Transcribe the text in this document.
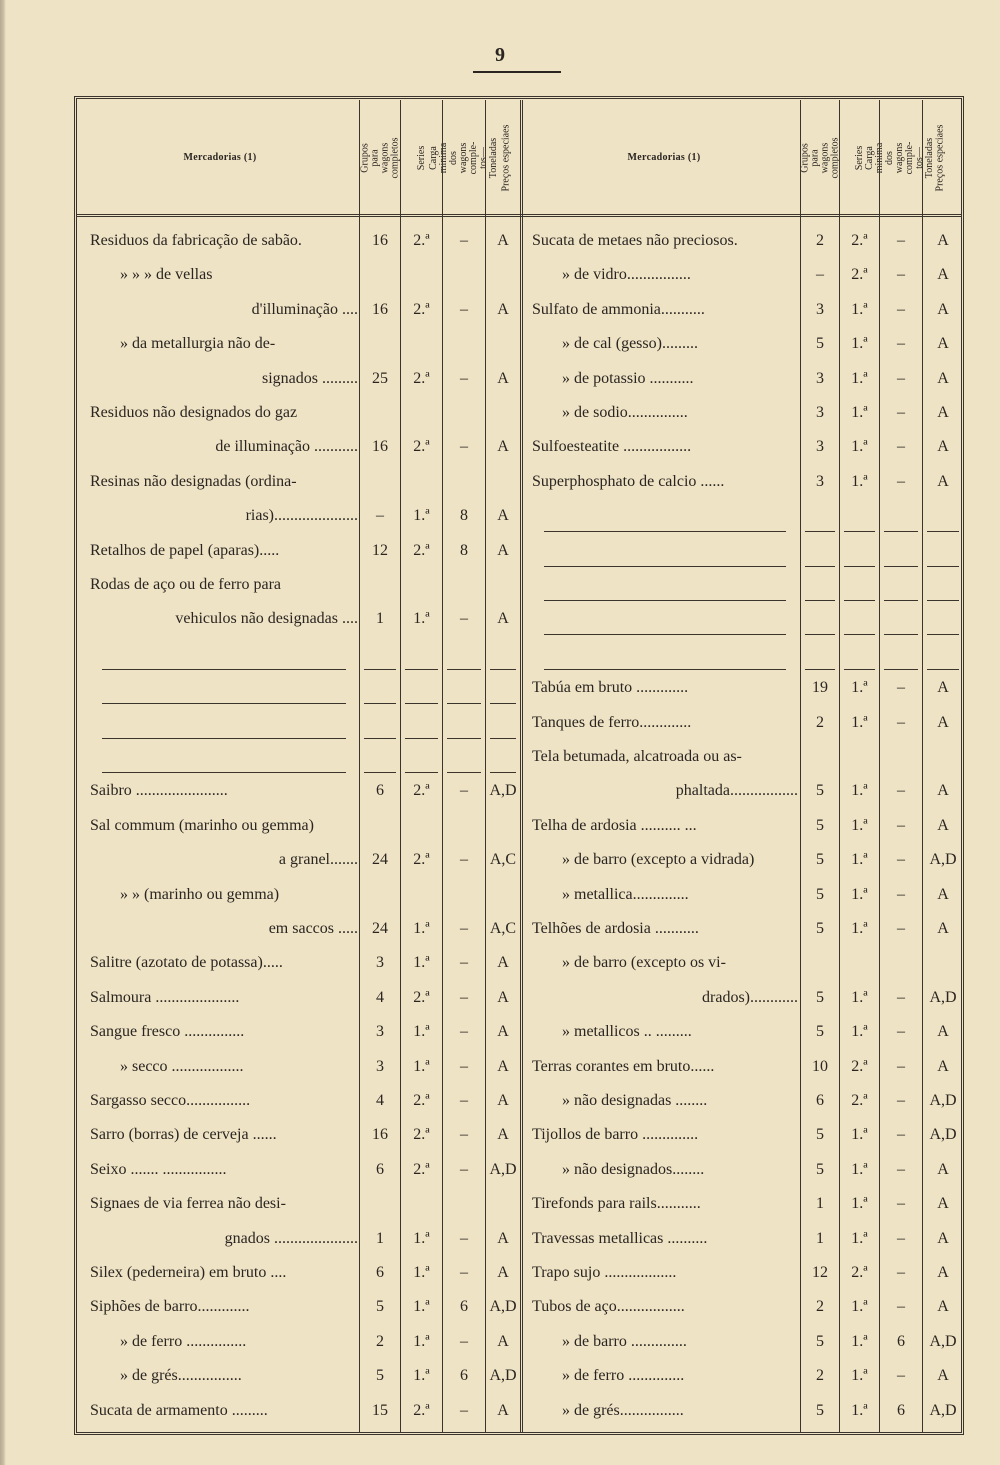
9
Mercadorias (1)	Grupos para wagons completos Series Carga minima dos wagons comple- tos—Toneladas Preços especiaes	Mercadorias (1)	Grupos para wagons completos Series Carga minima dos wagons comple- tos—Toneladas Preços especiaes
Residuos da fabricação de sabão.	16	2.ª	–	A
» » » de vellas
d'illuminação .... 16	2.ª	–	A
» da metallurgia não de-
signados ......... 25	2.ª	–	A
Residuos não designados do gaz
de illuminação ........... 16	2.ª	–	A
Resinas não designadas (ordina-
rias).....................	–	1.ª	8	A
Retalhos de papel (aparas).....	12	2.ª	8	A
Rodas de aço ou de ferro para
vehiculos não designadas ....	1	1.ª	–	A
Saibro .......................	6	2.ª	–	A,D
Sal commum (marinho ou gemma)
a granel....... 24	2.ª	–	A,C
» » (marinho ou gemma)
em saccos ..... 24	1.ª	–	A,C
Salitre (azotato de potassa).....	3	1.ª	–	A
Salmoura .....................	4	2.ª	–	A
Sangue fresco ...............	3	1.ª	–	A
» secco ..................	3	1.ª	–	A
Sargasso secco................	4	2.ª	–	A
Sarro (borras) de cerveja ......	16	2.ª	–	A
Seixo ....... ................	6	2.ª	–	A,D
Signaes de via ferrea não desi-
gnados .....................	1	1.ª	–	A
Silex (pederneira) em bruto ....	6	1.ª	–	A
Siphões de barro.............	5	1.ª	6	A,D
» de ferro ...............	2	1.ª	–	A
» de grés................	5	1.ª	6	A,D
Sucata de armamento .........	15	2.ª	–	A
Sucata de metaes não preciosos.	2	2.ª	–	A
» de vidro................	–	2.ª	–	A
Sulfato de ammonia...........	3	1.ª	–	A
» de cal (gesso).........	5	1.ª	–	A
» de potassio ...........	3	1.ª	–	A
» de sodio...............	3	1.ª	–	A
Sulfoesteatite .................	3	1.ª	–	A
Superphosphato de calcio ......	3	1.ª	–	A
Tabúa em bruto .............	19	1.ª	–	A
Tanques de ferro.............	2	1.ª	–	A
Tela betumada, alcatroada ou as-
phaltada.................	5	1.ª	–	A
Telha de ardosia .......... ...	5	1.ª	–	A
» de barro (excepto a vidrada)	5	1.ª	–	A,D
» metallica..............	5	1.ª	–	A
Telhões de ardosia ...........	5	1.ª	–	A
» de barro (excepto os vi-
drados)............	5	1.ª	–	A,D
» metallicos .. .........	5	1.ª	–	A
Terras corantes em bruto......	10	2.ª	–	A
» não designadas ........	6	2.ª	–	A,D
Tijollos de barro ..............	5	1.ª	–	A,D
» não designados........	5	1.ª	–	A
Tirefonds para rails...........	1	1.ª	–	A
Travessas metallicas ..........	1	1.ª	–	A
Trapo sujo ..................	12	2.ª	–	A
Tubos de aço.................	2	1.ª	–	A
» de barro ..............	5	1.ª	6	A,D
» de ferro ..............	2	1.ª	–	A
» de grés................	5	1.ª	6	A,D
